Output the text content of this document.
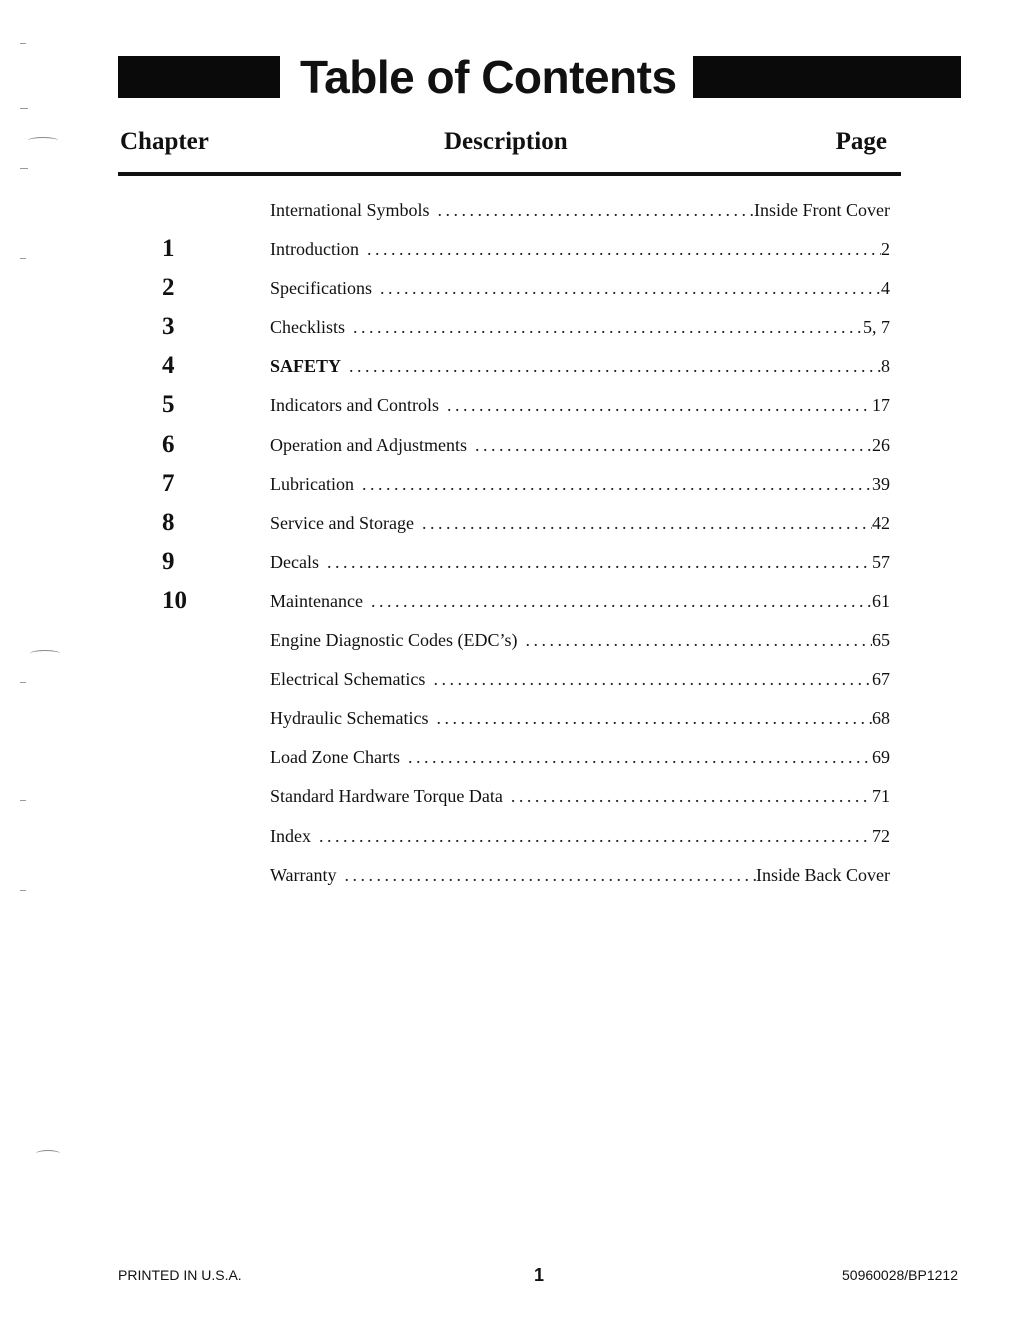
Table of Contents
Chapter	Description	Page
International Symbols . . .	Inside Front Cover
1	Introduction . . .	2
2	Specifications . . .	4
3	Checklists . . .	5, 7
4	SAFETY . . .	8
5	Indicators and Controls . . .	17
6	Operation and Adjustments . . .	26
7	Lubrication . . .	39
8	Service and Storage . . .	42
9	Decals . . .	57
10	Maintenance . . .	61
Engine Diagnostic Codes (EDC’s) . . .	65
Electrical Schematics . . .	67
Hydraulic Schematics . . .	68
Load Zone Charts . . .	69
Standard Hardware Torque Data . . .	71
Index . . .	72
Warranty . . .	Inside Back Cover
PRINTED IN U.S.A.	1	50960028/BP1212
